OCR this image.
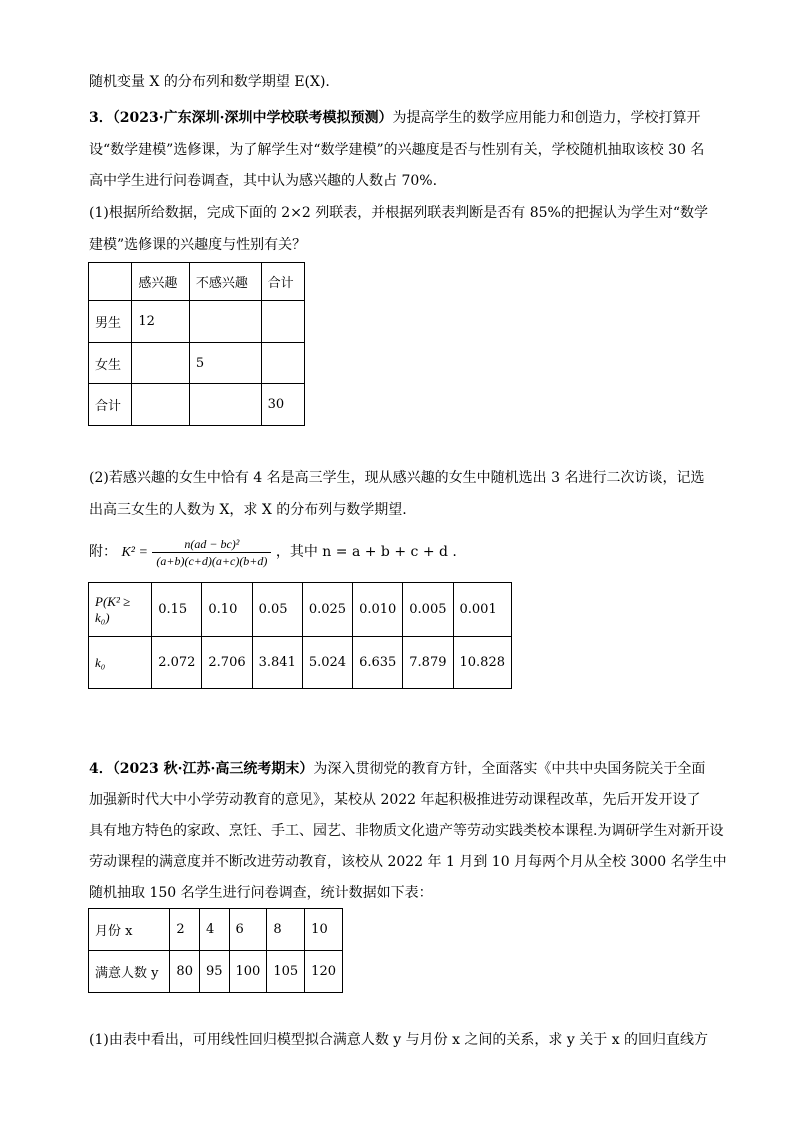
随机变量 X 的分布列和数学期望 E(X).
3．（2023·广东深圳·深圳中学校联考模拟预测）为提高学生的数学应用能力和创造力，学校打算开
设“数学建模”选修课，为了解学生对“数学建模”的兴趣度是否与性别有关，学校随机抽取该校 30 名
高中学生进行问卷调查，其中认为感兴趣的人数占 70%.
(1)根据所给数据，完成下面的 2×2 列联表，并根据列联表判断是否有 85%的把握认为学生对“数学
建模”选修课的兴趣度与性别有关？
	感兴趣	不感兴趣	合计
男生	12		
女生		5	
合计			30
(2)若感兴趣的女生中恰有 4 名是高三学生，现从感兴趣的女生中随机选出 3 名进行二次访谈，记选
出高三女生的人数为 X，求 X 的分布列与数学期望.
附： $K^2 = \frac{\text{n(ad − bc)²}}{(a+b)(c+d)(a+c)(b+d)}$ ，其中 n = a + b + c + d .
P(K² ≥ k₀)	0.15	0.10	0.05	0.025	0.010	0.005	0.001
k₀	2.072	2.706	3.841	5.024	6.635	7.879	10.828
4．（2023 秋·江苏·高三统考期末）为深入贯彻党的教育方针，全面落实《中共中央国务院关于全面
加强新时代大中小学劳动教育的意见》，某校从 2022 年起积极推进劳动课程改革，先后开发开设了
具有地方特色的家政、烹饪、手工、园艺、非物质文化遗产等劳动实践类校本课程.为调研学生对新开设
劳动课程的满意度并不断改进劳动教育，该校从 2022 年 1 月到 10 月每两个月从全校 3000 名学生中
随机抽取 150 名学生进行问卷调查，统计数据如下表：
月份 x	2	4	6	8	10
满意人数 y	80	95	100	105	120
(1)由表中看出，可用线性回归模型拟合满意人数 y 与月份 x 之间的关系，求 y 关于 x 的回归直线方
